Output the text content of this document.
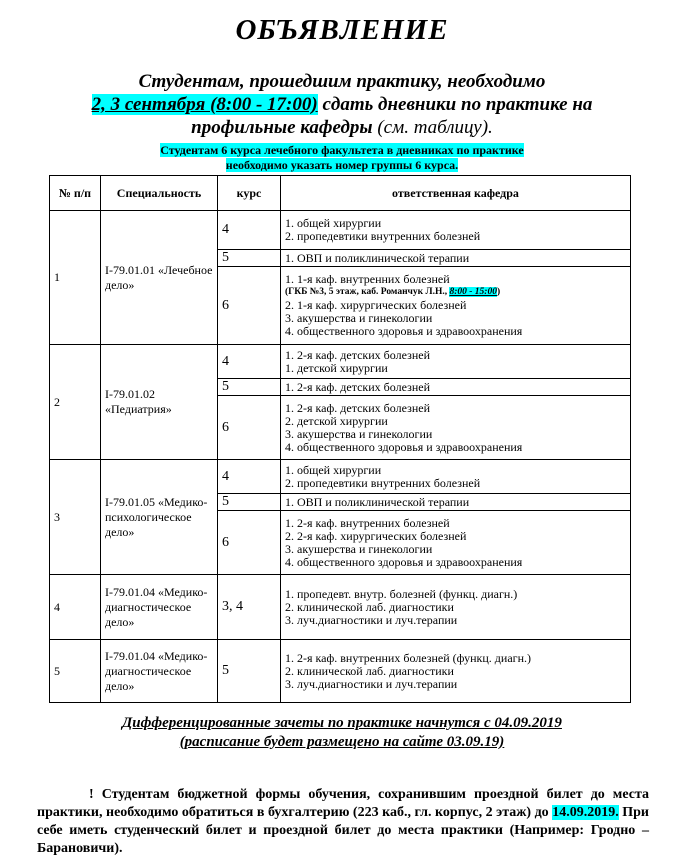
ОБЪЯВЛЕНИЕ
Студентам, прошедшим практику, необходимо
2, 3 сентября (8:00 - 17:00) сдать дневники по практике на
профильные кафедры (см. таблицу).
Студентам 6 курса лечебного факультета в дневниках по практике
необходимо указать номер группы 6 курса.
№ п/п	Специальность	курс	ответственная кафедра
1	I-79.01.01 «Лечебное дело»	4	1. общей хирургии
2. пропедевтики внутренних болезней

		5	1. ОВП и поликлинической терапии

		6	1. 1-я каф. внутренних болезней
(ГКБ №3, 5 этаж, каб. Романчук Л.Н., 8:00 - 15:00)
2. 1-я каф. хирургических болезней
3. акушерства и гинекологии
4. общественного здоровья и здравоохранения

2	I-79.01.02 «Педиатрия»	4	1. 2-я каф. детских болезней
1. детской хирургии

		5	1. 2-я каф. детских болезней

		6	1. 2-я каф. детских болезней
2. детской хирургии
3. акушерства и гинекологии
4. общественного здоровья и здравоохранения

3	I-79.01.05 «Медико-психологическое дело»	4	1. общей хирургии
2. пропедевтики внутренних болезней

		5	1. ОВП и поликлинической терапии

		6	1. 2-я каф. внутренних болезней
2. 2-я каф. хирургических болезней
3. акушерства и гинекологии
4. общественного здоровья и здравоохранения

4	I-79.01.04 «Медико-диагностическое дело»	3, 4	1. пропедевт. внутр. болезней (функц. диагн.)
2. клинической лаб. диагностики
3. луч.диагностики и луч.терапии

5	I-79.01.04 «Медико-диагностическое дело»	5	1. 2-я каф. внутренних болезней (функц. диагн.)
2. клинической лаб. диагностики
3. луч.диагностики и луч.терапии
Дифференцированные зачеты по практике начнутся с 04.09.2019
(расписание будет размещено на сайте 03.09.19)
! Студентам бюджетной формы обучения, сохранившим проездной билет до места практики, необходимо обратиться в бухгалтерию (223 каб., гл. корпус, 2 этаж) до 14.09.2019. При себе иметь студенческий билет и проездной билет до места практики (Например: Гродно – Барановичи).
